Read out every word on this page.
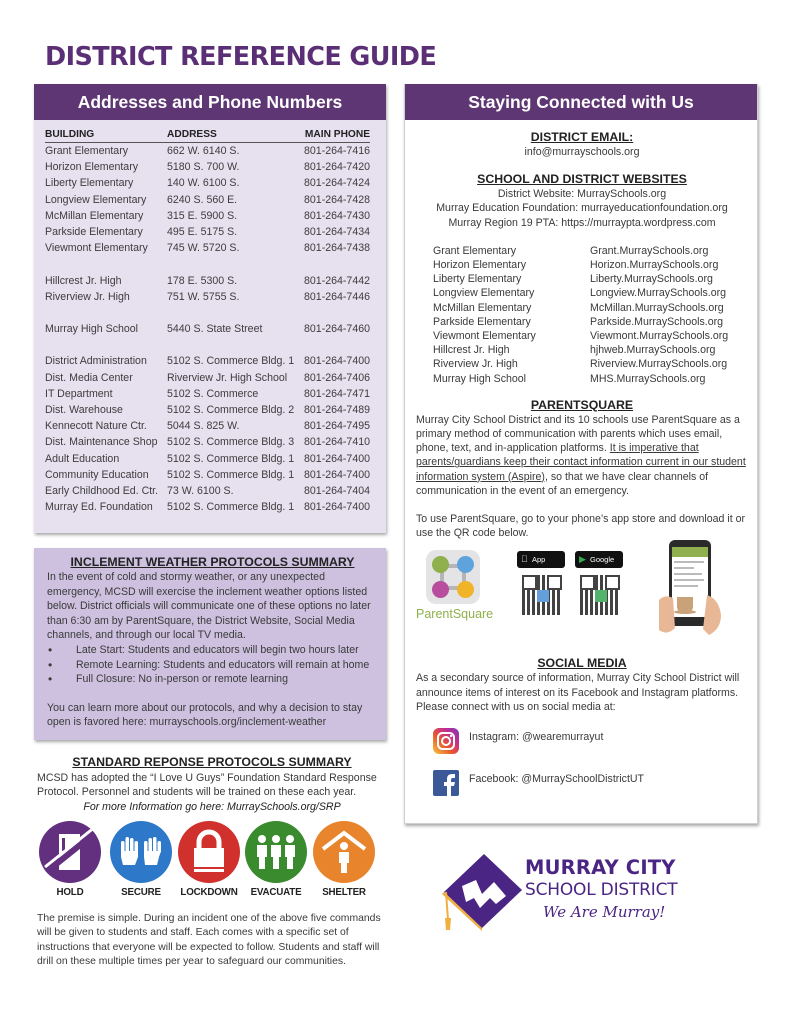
DISTRICT REFERENCE GUIDE
Addresses and Phone Numbers
BUILDING	ADDRESS	MAIN PHONE
Grant Elementary	662 W. 6140 S.	801-264-7416
Horizon Elementary	5180 S. 700 W.	801-264-7420
Liberty Elementary	140 W. 6100 S.	801-264-7424
Longview Elementary	6240 S. 560 E.	801-264-7428
McMillan Elementary	315 E. 5900 S.	801-264-7430
Parkside Elementary	495 E. 5175 S.	801-264-7434
Viewmont Elementary	745 W. 5720 S.	801-264-7438
Hillcrest Jr. High	178 E. 5300 S.	801-264-7442
Riverview Jr. High	751 W. 5755 S.	801-264-7446
Murray High School	5440 S. State Street	801-264-7460
District Administration	5102 S. Commerce Bldg. 1 801-264-7400
Dist. Media Center	Riverview Jr. High School	801-264-7406
IT Department	5102 S. Commerce	801-264-7471
Dist. Warehouse	5102 S. Commerce Bldg. 2 801-264-7489
Kennecott Nature Ctr.	5044 S. 825 W.	801-264-7495
Dist. Maintenance Shop 5102 S. Commerce Bldg. 3 801-264-7410
Adult Education	5102 S. Commerce Bldg. 1 801-264-7400
Community Education	5102 S. Commerce Bldg. 1 801-264-7400
Early Childhood Ed. Ctr. 73 W. 6100 S.	801-264-7404
Murray Ed. Foundation	5102 S. Commerce Bldg. 1 801-264-7400
INCLEMENT WEATHER PROTOCOLS SUMMARY
In the event of cold and stormy weather, or any unexpected emergency, MCSD will exercise the inclement weather options listed below. District officials will communicate one of these options no later than 6:30 am by ParentSquare, the District Website, Social Media channels, and through our local TV media.
• Late Start: Students and educators will begin two hours later
• Remote Learning: Students and educators will remain at home
• Full Closure: No in-person or remote learning
You can learn more about our protocols, and why a decision to stay open is favored here: murrayschools.org/inclement-weather
STANDARD REPONSE PROTOCOLS SUMMARY
MCSD has adopted the “I Love U Guys” Foundation Standard Response Protocol. Personnel and students will be trained on these each year.
For more Information go here: MurraySchools.org/SRP
HOLD	SECURE	LOCKDOWN	EVACUATE	SHELTER
The premise is simple. During an incident one of the above five commands will be given to students and staff. Each comes with a specific set of instructions that everyone will be expected to follow. Students and staff will drill on these multiple times per year to safeguard our communities.
Staying Connected with Us
DISTRICT EMAIL:
info@murrayschools.org
SCHOOL AND DISTRICT WEBSITES
District Website: MurraySchools.org
Murray Education Foundation: murrayeducationfoundation.org
Murray Region 19 PTA: https://murraypta.wordpress.com
Grant Elementary	Grant.MurraySchools.org
Horizon Elementary	Horizon.MurraySchools.org
Liberty Elementary	Liberty.MurraySchools.org
Longview Elementary	Longview.MurraySchools.org
McMillan Elementary	McMillan.MurraySchools.org
Parkside Elementary	Parkside.MurraySchools.org
Viewmont Elementary	Viewmont.MurraySchools.org
Hillcrest Jr. High	hjhweb.MurraySchools.org
Riverview Jr. High	Riverview.MurraySchools.org
Murray High School	MHS.MurraySchools.org
PARENTSQUARE
Murray City School District and its 10 schools use ParentSquare as a primary method of communication with parents which uses email, phone, text, and in-application platforms. It is imperative that parents/guardians keep their contact information current in our student information system (Aspire), so that we have clear channels of communication in the event of an emergency.
To use ParentSquare, go to your phone’s app store and download it or use the QR code below.
ParentSquare
App	▶ Google
SOCIAL MEDIA
As a secondary source of information, Murray City School District will announce items of interest on its Facebook and Instagram platforms. Please connect with us on social media at:
Instagram: @wearemurrayut
Facebook: @MurraySchoolDistrictUT
MURRAY CITY
SCHOOL DISTRICT
We Are Murray!
